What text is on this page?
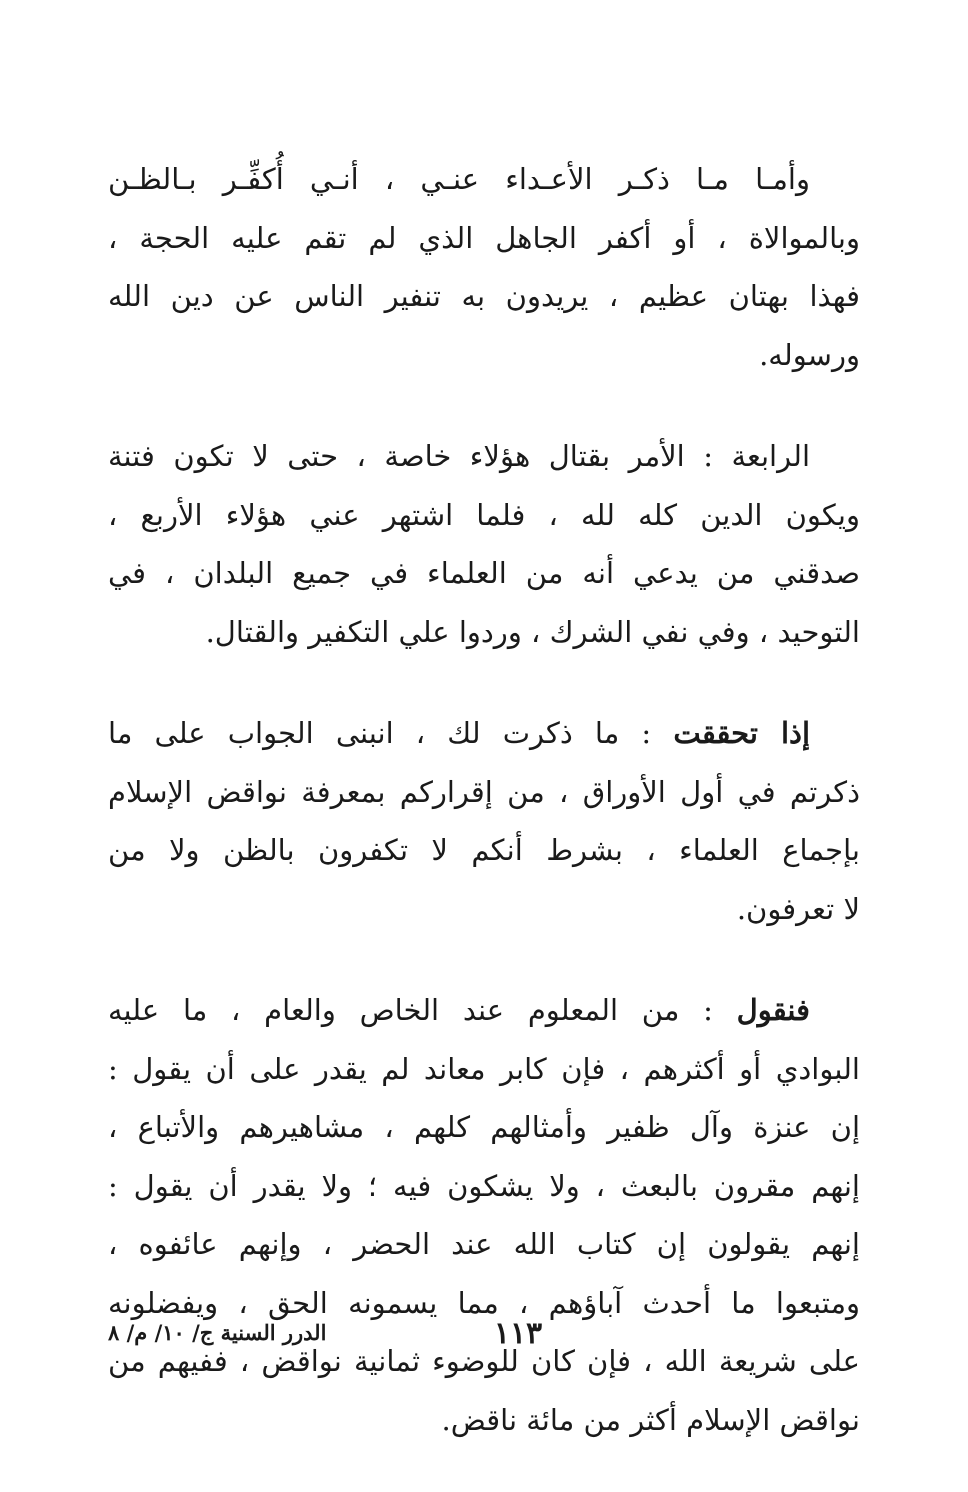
وأمـا مـا ذكـر الأعـداء عنـي ، أنـي أُكفِّـر بـالظـن
وبالموالاة ، أو أكفر الجاهل الذي لم تقم عليه الحجة ،
فهذا بهتان عظيم ، يريدون به تنفير الناس عن دين الله
ورسوله.

الرابعة : الأمر بقتال هؤلاء خاصة ، حتى لا تكون فتنة
ويكون الدين كله لله ، فلما اشتهر عني هؤلاء الأربع ،
صدقني من يدعي أنه من العلماء في جميع البلدان ، في
التوحيد ، وفي نفي الشرك ، وردوا علي التكفير والقتال.

إذا تحققت : ما ذكرت لك ، انبنى الجواب على ما
ذكرتم في أول الأوراق ، من إقراركم بمعرفة نواقض الإسلام
بإجماع العلماء ، بشرط أنكم لا تكفرون بالظن ولا من
لا تعرفون.

فنقول : من المعلوم عند الخاص والعام ، ما عليه
البوادي أو أكثرهم ، فإن كابر معاند لم يقدر على أن يقول :
إن عنزة وآل ظفير وأمثالهم كلهم ، مشاهيرهم والأتباع ،
إنهم مقرون بالبعث ، ولا يشكون فيه ؛ ولا يقدر أن يقول :
إنهم يقولون إن كتاب الله عند الحضر ، وإنهم عائفوه ،
ومتبعوا ما أحدث آباؤهم ، مما يسمونه الحق ، ويفضلونه
على شريعة الله ، فإن كان للوضوء ثمانية نواقض ، ففيهم من
نواقض الإسلام أكثر من مائة ناقض.

١١٣
الدرر السنية ج/ ١٠/ م/ ٨
